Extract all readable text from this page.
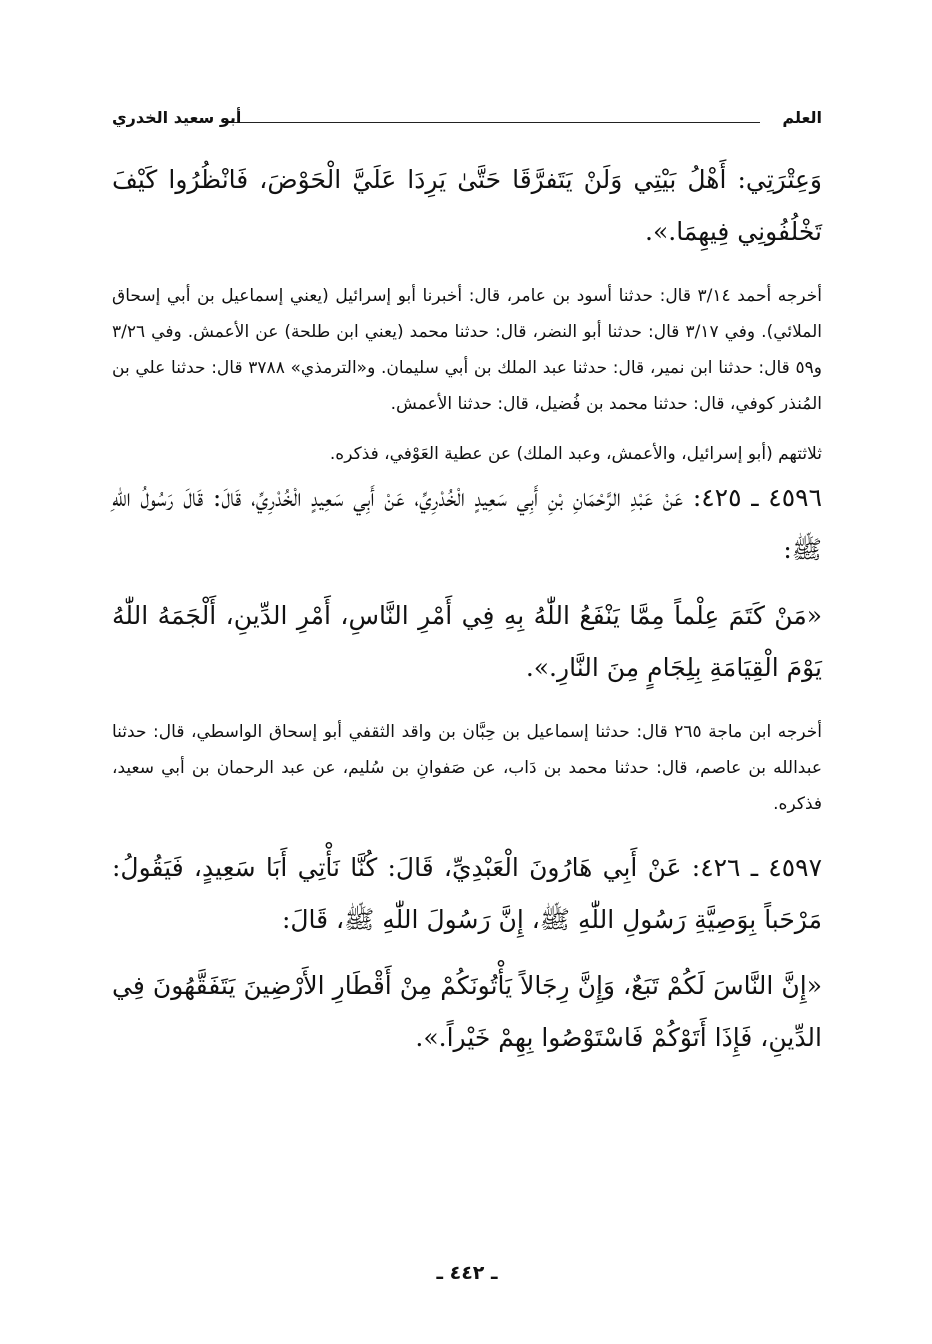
العلم
أبو سعيد الخدري

وَعِتْرَتِي: أَهْلُ بَيْتِي وَلَنْ يَتَفرَّقَا حَتَّىٰ يَرِدَا عَلَيَّ الْحَوْضَ، فَانْظُرُوا كَيْفَ تَخْلُفُونِي فِيهِمَا.».

أخرجه أحمد ٣/١٤ قال: حدثنا أسود بن عامر، قال: أخبرنا أبو إسرائيل (يعني إسماعيل بن أبي إسحاق الملائي). وفي ٣/١٧ قال: حدثنا أبو النضر، قال: حدثنا محمد (يعني ابن طلحة) عن الأعمش. وفي ٣/٢٦ و٥٩ قال: حدثنا ابن نمير، قال: حدثنا عبد الملك بن أبي سليمان. و«الترمذي» ٣٧٨٨ قال: حدثنا علي بن المُنذر كوفي، قال: حدثنا محمد بن فُضيل، قال: حدثنا الأعمش.

ثلاثتهم (أبو إسرائيل، والأعمش، وعبد الملك) عن عطية العَوْفي، فذكره.

٤٥٩٦ ـ ٤٢٥: عَنْ عَبْدِ الرَّحْمَانِ بْنِ أَبِي سَعِيدٍ الْخُدْرِيِّ، عَنْ أَبِي سَعِيدٍ الْخُدْرِيِّ، قَالَ: قَالَ رَسُولُ اللّٰهِ ﷺ:

«مَنْ كَتَمَ عِلْماً مِمَّا يَنْفَعُ اللّٰهُ بِهِ فِي أَمْرِ النَّاسِ، أَمْرِ الدِّينِ، أَلْجَمَهُ اللّٰهُ يَوْمَ الْقِيَامَةِ بِلِجَامٍ مِنَ النَّارِ.».

أخرجه ابن ماجة ٢٦٥ قال: حدثنا إسماعيل بن حِبَّان بن واقد الثقفي أبو إسحاق الواسطي، قال: حدثنا عبدالله بن عاصم، قال: حدثنا محمد بن دَاب، عن صَفوانِ بن سُليم، عن عبد الرحمان بن أبي سعيد، فذكره.

٤٥٩٧ ـ ٤٢٦: عَنْ أَبِي هَارُونَ الْعَبْدِيِّ، قَالَ: كُنَّا نَأْتِي أَبَا سَعِيدٍ، فَيَقُولُ: مَرْحَباً بِوَصِيَّةِ رَسُولِ اللّٰهِ ﷺ، إِنَّ رَسُولَ اللّٰهِ ﷺ، قَالَ:

«إِنَّ النَّاسَ لَكُمْ تَبَعٌ، وَإِنَّ رِجَالاً يَأْتُونَكُمْ مِنْ أَقْطَارِ الأَرْضِينَ يَتَفَقَّهُونَ فِي الدِّينِ، فَإِذَا أَتَوْكُمْ فَاسْتَوْصُوا بِهِمْ خَيْراً.».

ـ ٤٤٢ ـ
